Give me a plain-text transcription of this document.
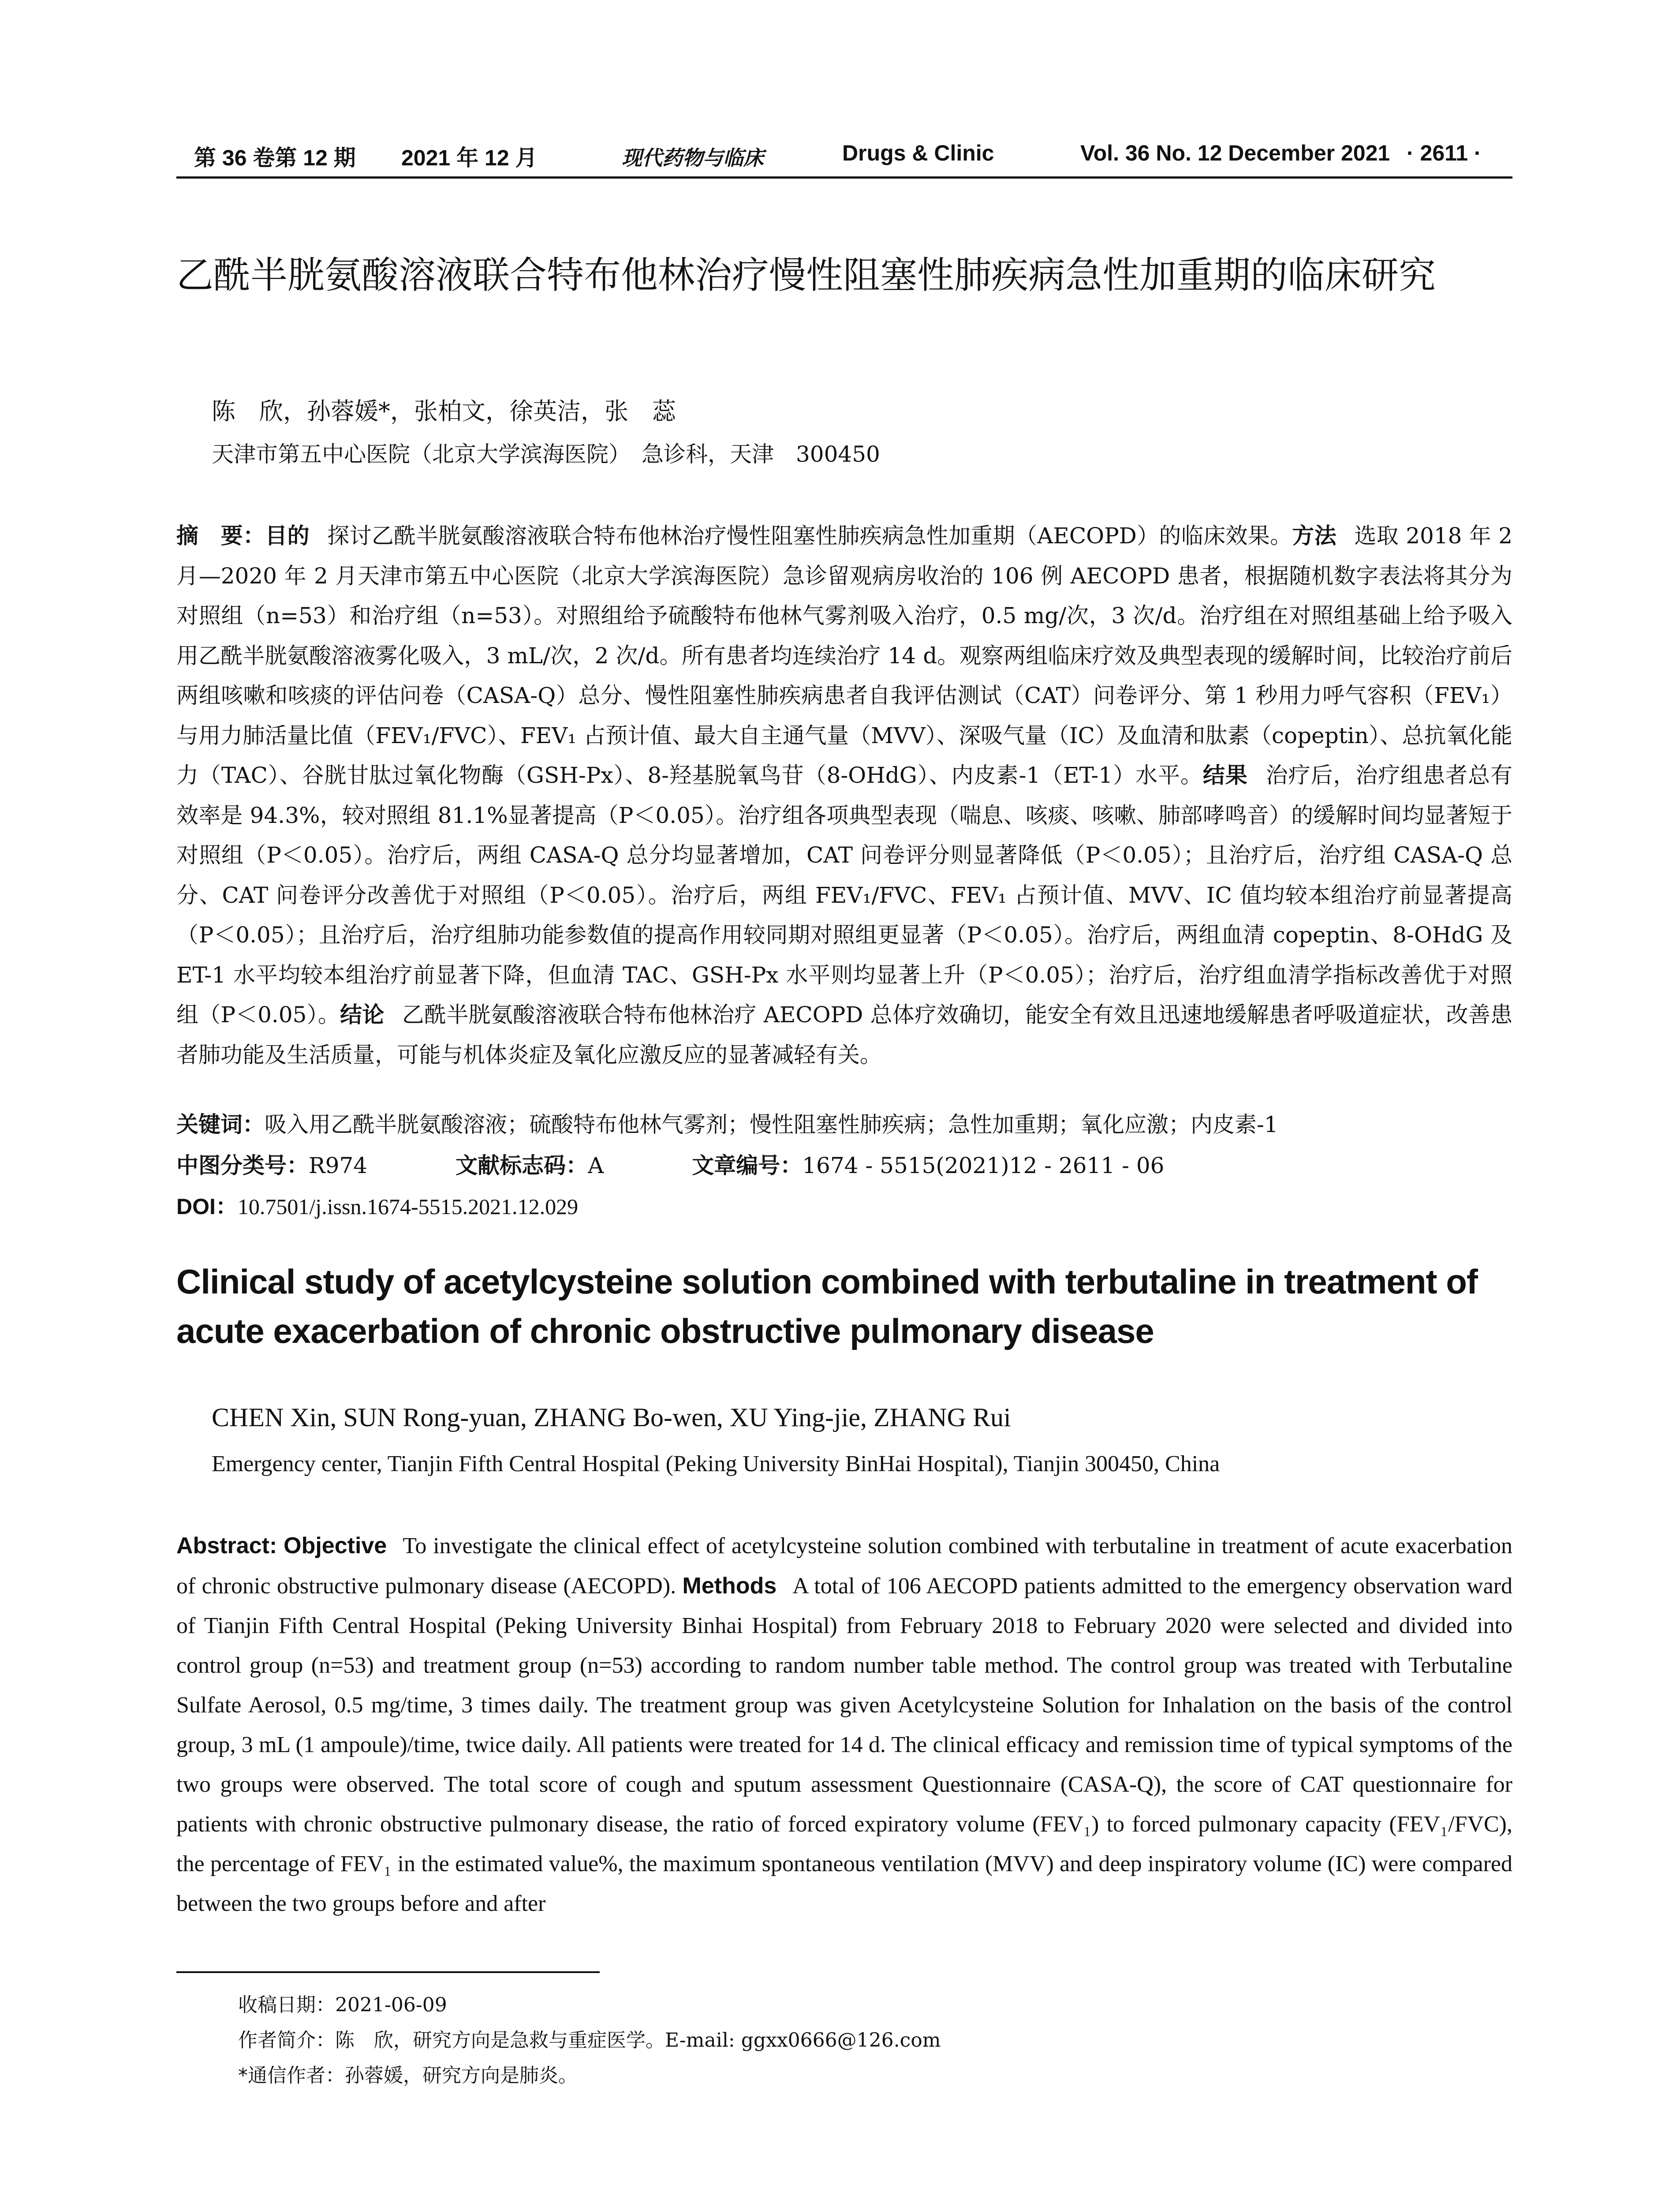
第 36 卷第 12 期 2021 年 12 月	现代药物与临床	Drugs & Clinic	Vol. 36 No. 12 December 2021 · 2611 ·
乙酰半胱氨酸溶液联合特布他林治疗慢性阻塞性肺疾病急性加重期的临床研究
陈　欣，孙蓉媛*，张柏文，徐英洁，张　蕊
天津市第五中心医院（北京大学滨海医院）　急诊科，天津　300450
摘　要：目的 探讨乙酰半胱氨酸溶液联合特布他林治疗慢性阻塞性肺疾病急性加重期（AECOPD）的临床效果。方法 选取 2018 年 2 月—2020 年 2 月天津市第五中心医院（北京大学滨海医院）急诊留观病房收治的 106 例 AECOPD 患者，根据随机数字表法将其分为对照组（n=53）和治疗组（n=53）。对照组给予硫酸特布他林气雾剂吸入治疗，0.5 mg/次，3 次/d。治疗组在对照组基础上给予吸入用乙酰半胱氨酸溶液雾化吸入，3 mL/次，2 次/d。所有患者均连续治疗 14 d。观察两组临床疗效及典型表现的缓解时间，比较治疗前后两组咳嗽和咳痰的评估问卷（CASA-Q）总分、慢性阻塞性肺疾病患者自我评估测试（CAT）问卷评分、第 1 秒用力呼气容积（FEV₁）与用力肺活量比值（FEV₁/FVC）、FEV₁ 占预计值、最大自主通气量（MVV）、深吸气量（IC）及血清和肽素（copeptin）、总抗氧化能力（TAC）、谷胱甘肽过氧化物酶（GSH-Px）、8-羟基脱氧鸟苷（8-OHdG）、内皮素-1（ET-1）水平。结果 治疗后，治疗组患者总有效率是 94.3%，较对照组 81.1%显著提高（P＜0.05）。治疗组各项典型表现（喘息、咳痰、咳嗽、肺部哮鸣音）的缓解时间均显著短于对照组（P＜0.05）。治疗后，两组 CASA-Q 总分均显著增加，CAT 问卷评分则显著降低（P＜0.05）；且治疗后，治疗组 CASA-Q 总分、CAT 问卷评分改善优于对照组（P＜0.05）。治疗后，两组 FEV₁/FVC、FEV₁ 占预计值、MVV、IC 值均较本组治疗前显著提高（P＜0.05）；且治疗后，治疗组肺功能参数值的提高作用较同期对照组更显著（P＜0.05）。治疗后，两组血清 copeptin、8-OHdG 及 ET-1 水平均较本组治疗前显著下降，但血清 TAC、GSH-Px 水平则均显著上升（P＜0.05）；治疗后，治疗组血清学指标改善优于对照组（P＜0.05）。结论 乙酰半胱氨酸溶液联合特布他林治疗 AECOPD 总体疗效确切，能安全有效且迅速地缓解患者呼吸道症状，改善患者肺功能及生活质量，可能与机体炎症及氧化应激反应的显著减轻有关。
关键词：吸入用乙酰半胱氨酸溶液；硫酸特布他林气雾剂；慢性阻塞性肺疾病；急性加重期；氧化应激；内皮素-1
中图分类号：R974	文献标志码：A	文章编号：1674 - 5515(2021)12 - 2611 - 06
DOI：10.7501/j.issn.1674-5515.2021.12.029
Clinical study of acetylcysteine solution combined with terbutaline in treatment of acute exacerbation of chronic obstructive pulmonary disease
CHEN Xin, SUN Rong-yuan, ZHANG Bo-wen, XU Ying-jie, ZHANG Rui
Emergency center, Tianjin Fifth Central Hospital (Peking University BinHai Hospital), Tianjin 300450, China
Abstract: Objective To investigate the clinical effect of acetylcysteine solution combined with terbutaline in treatment of acute exacerbation of chronic obstructive pulmonary disease (AECOPD). Methods A total of 106 AECOPD patients admitted to the emergency observation ward of Tianjin Fifth Central Hospital (Peking University Binhai Hospital) from February 2018 to February 2020 were selected and divided into control group (n=53) and treatment group (n=53) according to random number table method. The control group was treated with Terbutaline Sulfate Aerosol, 0.5 mg/time, 3 times daily. The treatment group was given Acetylcysteine Solution for Inhalation on the basis of the control group, 3 mL (1 ampoule)/time, twice daily. All patients were treated for 14 d. The clinical efficacy and remission time of typical symptoms of the two groups were observed. The total score of cough and sputum assessment Questionnaire (CASA-Q), the score of CAT questionnaire for patients with chronic obstructive pulmonary disease, the ratio of forced expiratory volume (FEV₁) to forced pulmonary capacity (FEV₁/FVC), the percentage of FEV₁ in the estimated value%, the maximum spontaneous ventilation (MVV) and deep inspiratory volume (IC) were compared between the two groups before and after
收稿日期：2021-06-09
作者简介：陈　欣，研究方向是急救与重症医学。E-mail: ggxx0666@126.com
*通信作者：孙蓉媛，研究方向是肺炎。
